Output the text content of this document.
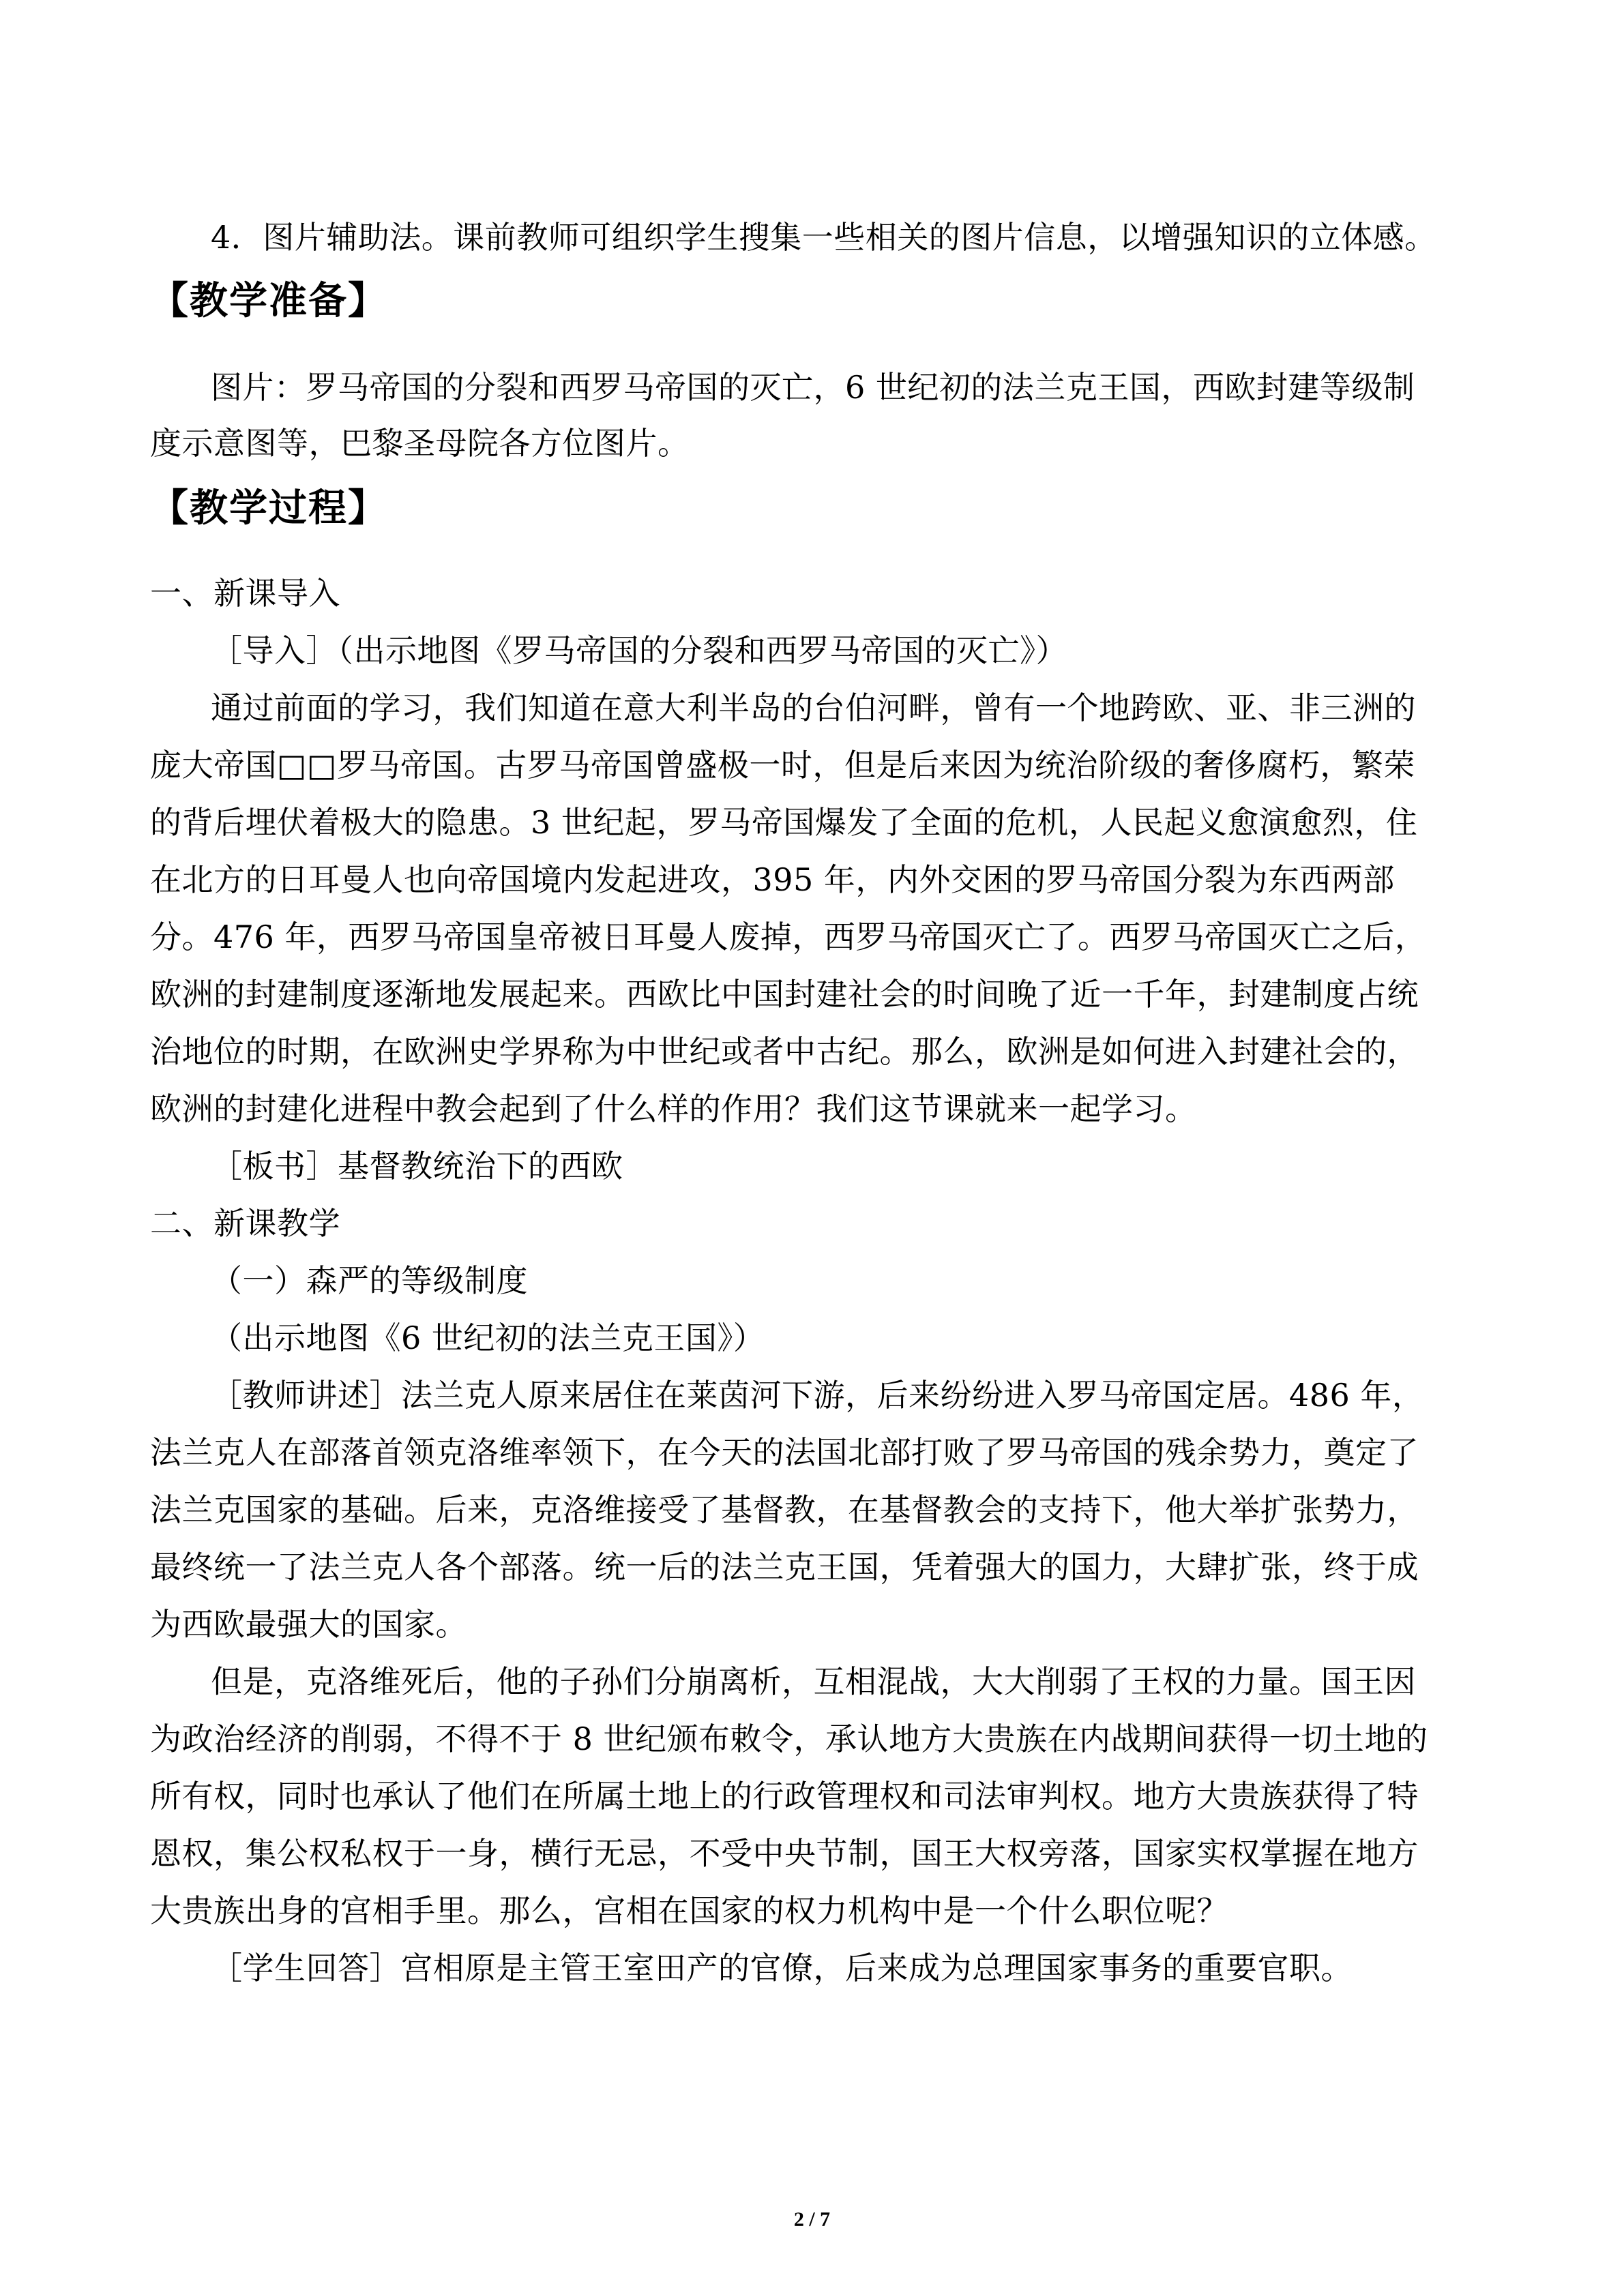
4．图片辅助法。课前教师可组织学生搜集一些相关的图片信息，以增强知识的立体感。
【教学准备】
图片：罗马帝国的分裂和西罗马帝国的灭亡，6 世纪初的法兰克王国，西欧封建等级制
度示意图等，巴黎圣母院各方位图片。
【教学过程】
一、新课导入
［导入］（出示地图《罗马帝国的分裂和西罗马帝国的灭亡》）
通过前面的学习，我们知道在意大利半岛的台伯河畔，曾有一个地跨欧、亚、非三洲的
庞大帝国□□罗马帝国。古罗马帝国曾盛极一时，但是后来因为统治阶级的奢侈腐朽，繁荣
的背后埋伏着极大的隐患。3 世纪起，罗马帝国爆发了全面的危机，人民起义愈演愈烈，住
在北方的日耳曼人也向帝国境内发起进攻，395 年，内外交困的罗马帝国分裂为东西两部
分。476 年，西罗马帝国皇帝被日耳曼人废掉，西罗马帝国灭亡了。西罗马帝国灭亡之后，
欧洲的封建制度逐渐地发展起来。西欧比中国封建社会的时间晚了近一千年，封建制度占统
治地位的时期，在欧洲史学界称为中世纪或者中古纪。那么，欧洲是如何进入封建社会的，
欧洲的封建化进程中教会起到了什么样的作用？我们这节课就来一起学习。
［板书］基督教统治下的西欧
二、新课教学
（一）森严的等级制度
（出示地图《6 世纪初的法兰克王国》）
［教师讲述］法兰克人原来居住在莱茵河下游，后来纷纷进入罗马帝国定居。486 年，
法兰克人在部落首领克洛维率领下，在今天的法国北部打败了罗马帝国的残余势力，奠定了
法兰克国家的基础。后来，克洛维接受了基督教，在基督教会的支持下，他大举扩张势力，
最终统一了法兰克人各个部落。统一后的法兰克王国，凭着强大的国力，大肆扩张，终于成
为西欧最强大的国家。
但是，克洛维死后，他的子孙们分崩离析，互相混战，大大削弱了王权的力量。国王因
为政治经济的削弱，不得不于 8 世纪颁布敕令，承认地方大贵族在内战期间获得一切土地的
所有权，同时也承认了他们在所属土地上的行政管理权和司法审判权。地方大贵族获得了特
恩权，集公权私权于一身，横行无忌，不受中央节制，国王大权旁落，国家实权掌握在地方
大贵族出身的宫相手里。那么，宫相在国家的权力机构中是一个什么职位呢？
［学生回答］宫相原是主管王室田产的官僚，后来成为总理国家事务的重要官职。
2 / 7
